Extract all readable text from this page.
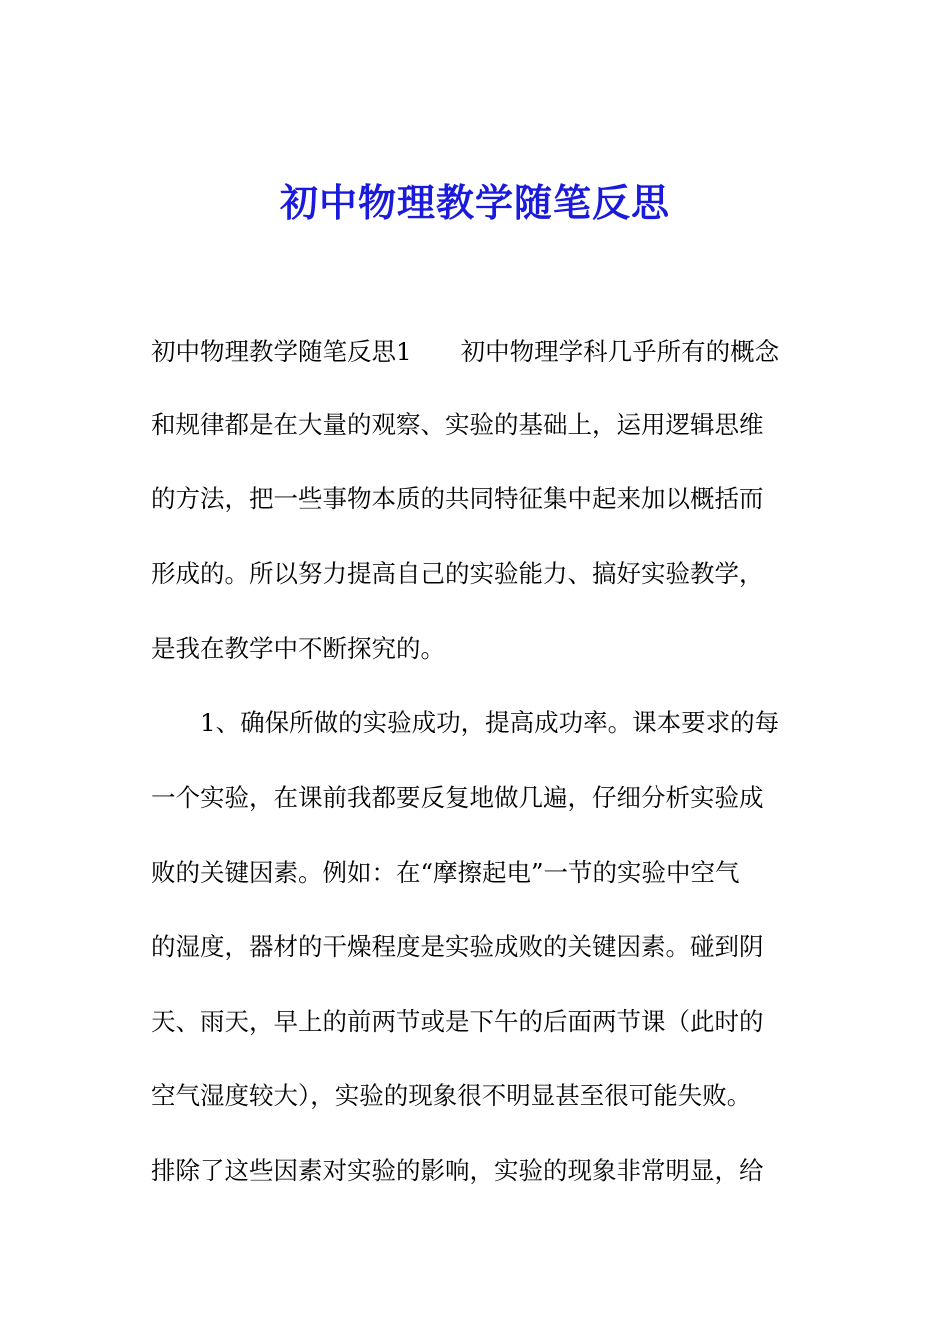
初中物理教学随笔反思
初中物理教学随笔反思1　　初中物理学科几乎所有的概念
和规律都是在大量的观察、实验的基础上，运用逻辑思维
的方法，把一些事物本质的共同特征集中起来加以概括而
形成的。所以努力提高自己的实验能力、搞好实验教学，
是我在教学中不断探究的。
　　1、确保所做的实验成功，提高成功率。课本要求的每
一个实验，在课前我都要反复地做几遍，仔细分析实验成
败的关键因素。例如：在“摩擦起电”一节的实验中空气
的湿度，器材的干燥程度是实验成败的关键因素。碰到阴
天、雨天，早上的前两节或是下午的后面两节课（此时的
空气湿度较大），实验的现象很不明显甚至很可能失败。
排除了这些因素对实验的影响，实验的现象非常明显，给
